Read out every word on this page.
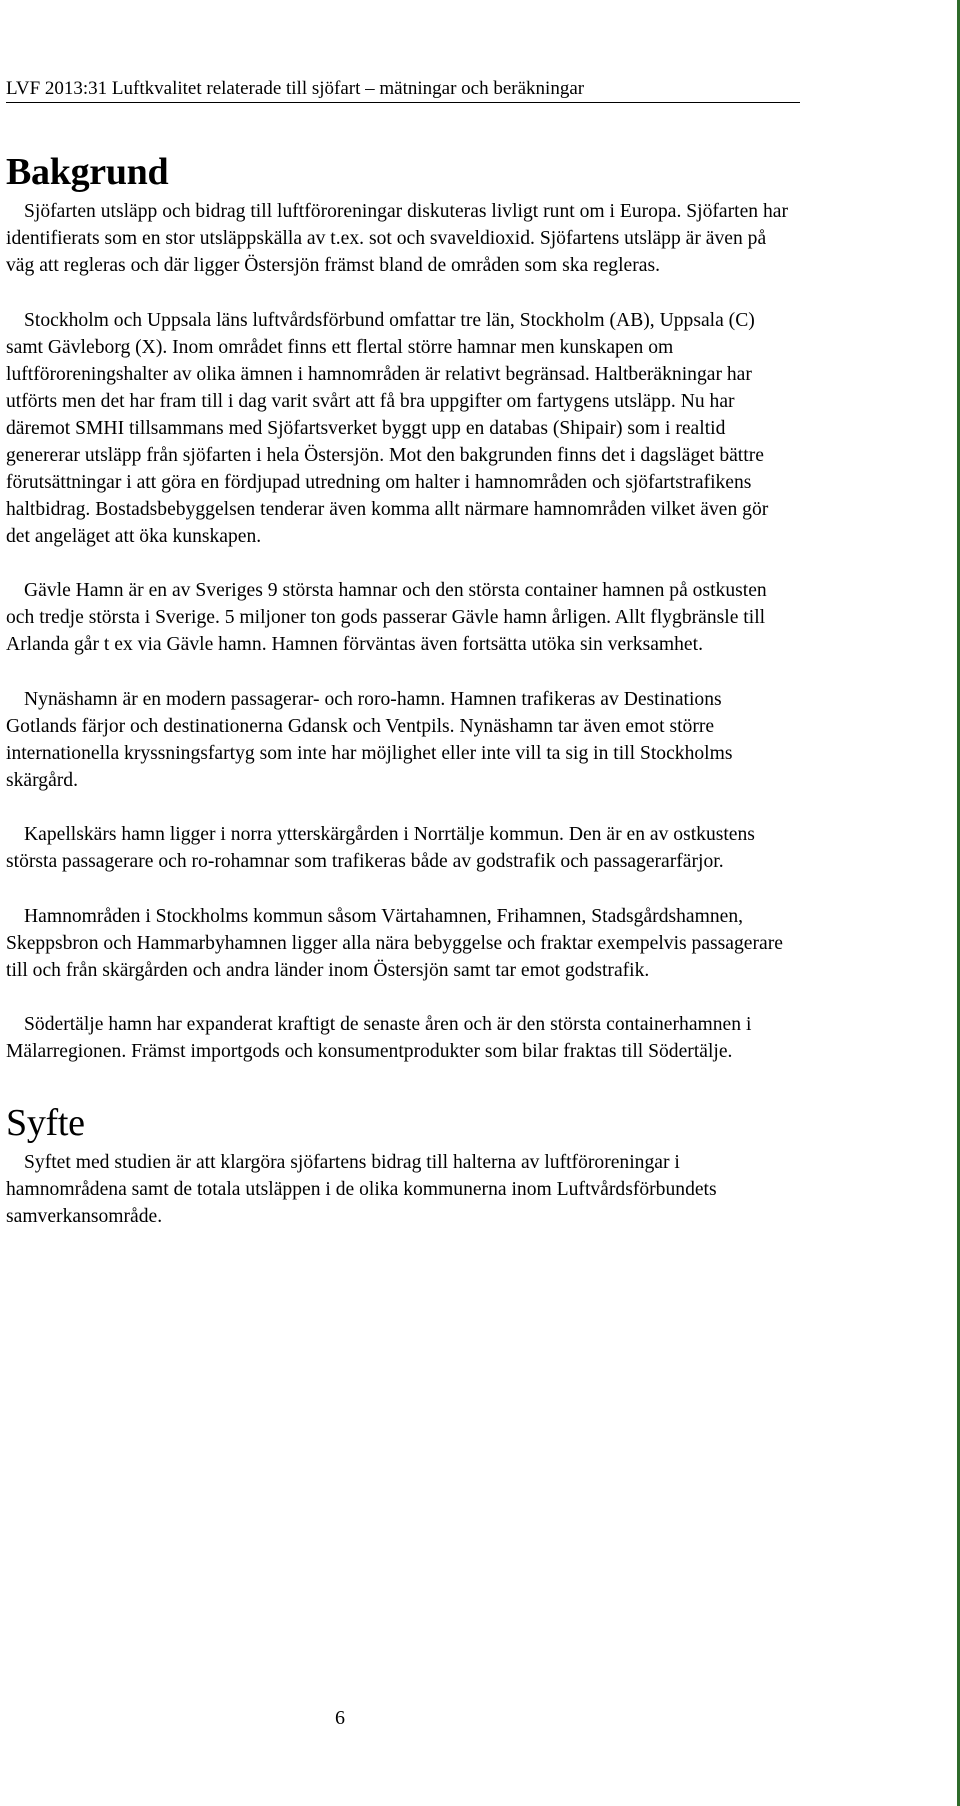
LVF 2013:31 Luftkvalitet relaterade till sjöfart – mätningar och beräkningar
Bakgrund

Sjöfarten utsläpp och bidrag till luftföroreningar diskuteras livligt runt om i Europa. Sjöfarten har identifierats som en stor utsläppskälla av t.ex. sot och svaveldioxid. Sjöfartens utsläpp är även på väg att regleras och där ligger Östersjön främst bland de områden som ska regleras.

Stockholm och Uppsala läns luftvårdsförbund omfattar tre län, Stockholm (AB), Uppsala (C) samt Gävleborg (X). Inom området finns ett flertal större hamnar men kunskapen om luftföroreningshalter av olika ämnen i hamnområden är relativt begränsad. Haltberäkningar har utförts men det har fram till i dag varit svårt att få bra uppgifter om fartygens utsläpp. Nu har däremot SMHI tillsammans med Sjöfartsverket byggt upp en databas (Shipair) som i realtid genererar utsläpp från sjöfarten i hela Östersjön. Mot den bakgrunden finns det i dagsläget bättre förutsättningar i att göra en fördjupad utredning om halter i hamnområden och sjöfartstrafikens haltbidrag. Bostadsbebyggelsen tenderar även komma allt närmare hamnområden vilket även gör det angeläget att öka kunskapen.

Gävle Hamn är en av Sveriges 9 största hamnar och den största container hamnen på ostkusten och tredje största i Sverige. 5 miljoner ton gods passerar Gävle hamn årligen. Allt flygbränsle till Arlanda går t ex via Gävle hamn. Hamnen förväntas även fortsätta utöka sin verksamhet.

Nynäshamn är en modern passagerar- och roro-hamn. Hamnen trafikeras av Destinations Gotlands färjor och destinationerna Gdansk och Ventpils. Nynäshamn tar även emot större internationella kryssningsfartyg som inte har möjlighet eller inte vill ta sig in till Stockholms skärgård.

Kapellskärs hamn ligger i norra ytterskärgården i Norrtälje kommun. Den är en av ostkustens största passagerare och ro-rohamnar som trafikeras både av godstrafik och passagerarfärjor.

Hamnområden i Stockholms kommun såsom Värtahamnen, Frihamnen, Stadsgårdshamnen, Skeppsbron och Hammarbyhamnen ligger alla nära bebyggelse och fraktar exempelvis passagerare till och från skärgården och andra länder inom Östersjön samt tar emot godstrafik.

Södertälje hamn har expanderat kraftigt de senaste åren och är den största containerhamnen i Mälarregionen. Främst importgods och konsumentprodukter som bilar fraktas till Södertälje.

Syfte

Syftet med studien är att klargöra sjöfartens bidrag till halterna av luftföroreningar i hamnområdena samt de totala utsläppen i de olika kommunerna inom Luftvårdsförbundets samverkansområde.

6
